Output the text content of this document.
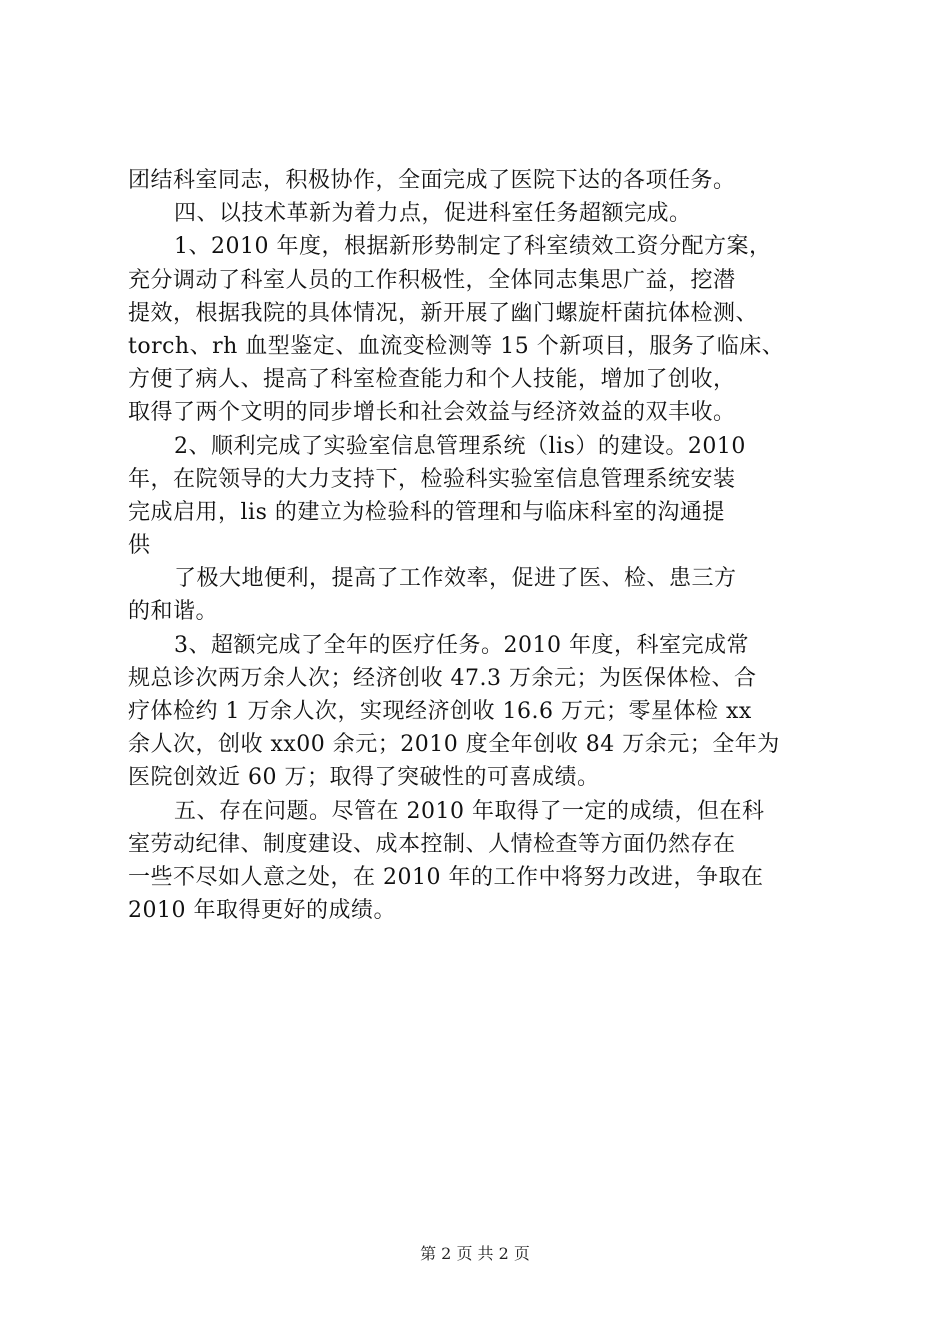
团结科室同志，积极协作，全面完成了医院下达的各项任务。
四、以技术革新为着力点，促进科室任务超额完成。
1、2010 年度，根据新形势制定了科室绩效工资分配方案，
充分调动了科室人员的工作积极性，全体同志集思广益，挖潜
提效，根据我院的具体情况，新开展了幽门螺旋杆菌抗体检测、
torch、rh 血型鉴定、血流变检测等 15 个新项目，服务了临床、
方便了病人、提高了科室检查能力和个人技能，增加了创收，
取得了两个文明的同步增长和社会效益与经济效益的双丰收。
2、顺利完成了实验室信息管理系统（lis）的建设。2010
年，在院领导的大力支持下，检验科实验室信息管理系统安装
完成启用，lis 的建立为检验科的管理和与临床科室的沟通提
供
了极大地便利，提高了工作效率，促进了医、检、患三方
的和谐。
3、超额完成了全年的医疗任务。2010 年度，科室完成常
规总诊次两万余人次；经济创收 47.3 万余元；为医保体检、合
疗体检约 1 万余人次，实现经济创收 16.6 万元；零星体检 xx
余人次，创收 xx00 余元；2010 度全年创收 84 万余元；全年为
医院创效近 60 万；取得了突破性的可喜成绩。
五、存在问题。尽管在 2010 年取得了一定的成绩，但在科
室劳动纪律、制度建设、成本控制、人情检查等方面仍然存在
一些不尽如人意之处，在 2010 年的工作中将努力改进，争取在
2010 年取得更好的成绩。
第 2 页 共 2 页
